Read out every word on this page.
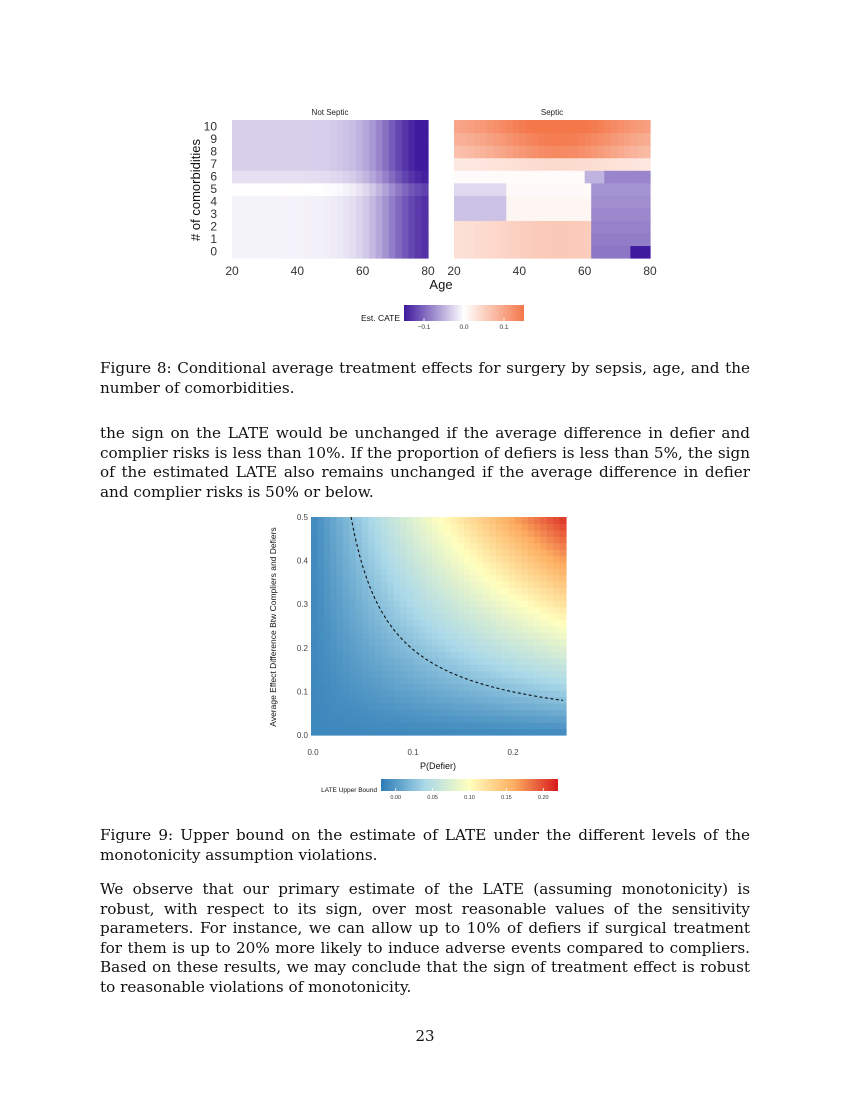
Not Septic	Septic
0
1
2
3
4
5
6
7
8
9
10
20	40	60	80 20	40	60	80
# of comorbidities
Age
Est. CATE
−0.1	0.0	0.1
Figure 8: Conditional average treatment effects for surgery by sepsis, age, and the number of comorbidities.
the sign on the LATE would be unchanged if the average difference in defier and complier risks is less than 10%. If the proportion of defiers is less than 5%, the sign of the estimated LATE also remains unchanged if the average difference in defier and complier risks is 50% or below.
0.0
0.1
0.2
0.3
0.4
0.5
0.0	0.1	0.2
Average Effect Difference Btw Compliers and Defiers
P(Defier)
LATE Upper Bound
0.00	0.05	0.10	0.15	0.20
Figure 9: Upper bound on the estimate of LATE under the different levels of the monotonicity assumption violations.
We observe that our primary estimate of the LATE (assuming monotonicity) is robust, with respect to its sign, over most reasonable values of the sensitivity parameters. For instance, we can allow up to 10% of defiers if surgical treatment for them is up to 20% more likely to induce adverse events compared to compliers. Based on these results, we may conclude that the sign of treatment effect is robust to reasonable violations of monotonicity.
23
